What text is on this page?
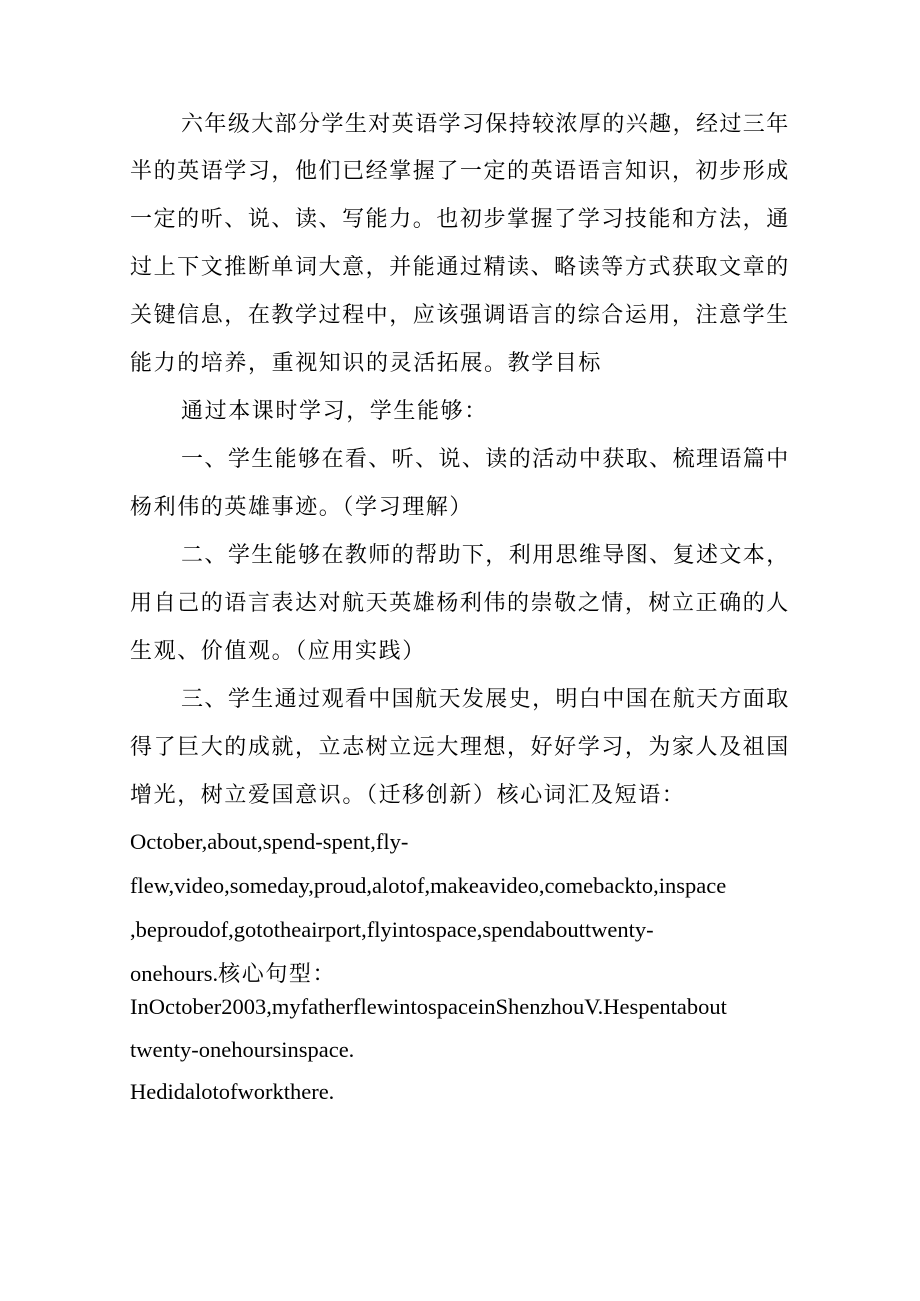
六年级大部分学生对英语学习保持较浓厚的兴趣，经过三年
半的英语学习，他们已经掌握了一定的英语语言知识，初步形成
一定的听、说、读、写能力。也初步掌握了学习技能和方法，通
过上下文推断单词大意，并能通过精读、略读等方式获取文章的
关键信息，在教学过程中，应该强调语言的综合运用，注意学生
能力的培养，重视知识的灵活拓展。教学目标
通过本课时学习，学生能够：
一、学生能够在看、听、说、读的活动中获取、梳理语篇中
杨利伟的英雄事迹。（学习理解）
二、学生能够在教师的帮助下，利用思维导图、复述文本，
用自己的语言表达对航天英雄杨利伟的崇敬之情，树立正确的人
生观、价值观。（应用实践）
三、学生通过观看中国航天发展史，明白中国在航天方面取
得了巨大的成就，立志树立远大理想，好好学习，为家人及祖国
增光，树立爱国意识。（迁移创新）核心词汇及短语：
October,about,spend-spent,fly-
flew,video,someday,proud,alotof,makeavideo,comebackto,inspace
,beproudof,gototheairport,flyintospace,spendabouttwenty-
onehours.核心句型：
InOctober2003,myfatherflewintospaceinShenzhouV.Hespentabout
twenty-onehoursinspace.
Hedidalotofworkthere.
